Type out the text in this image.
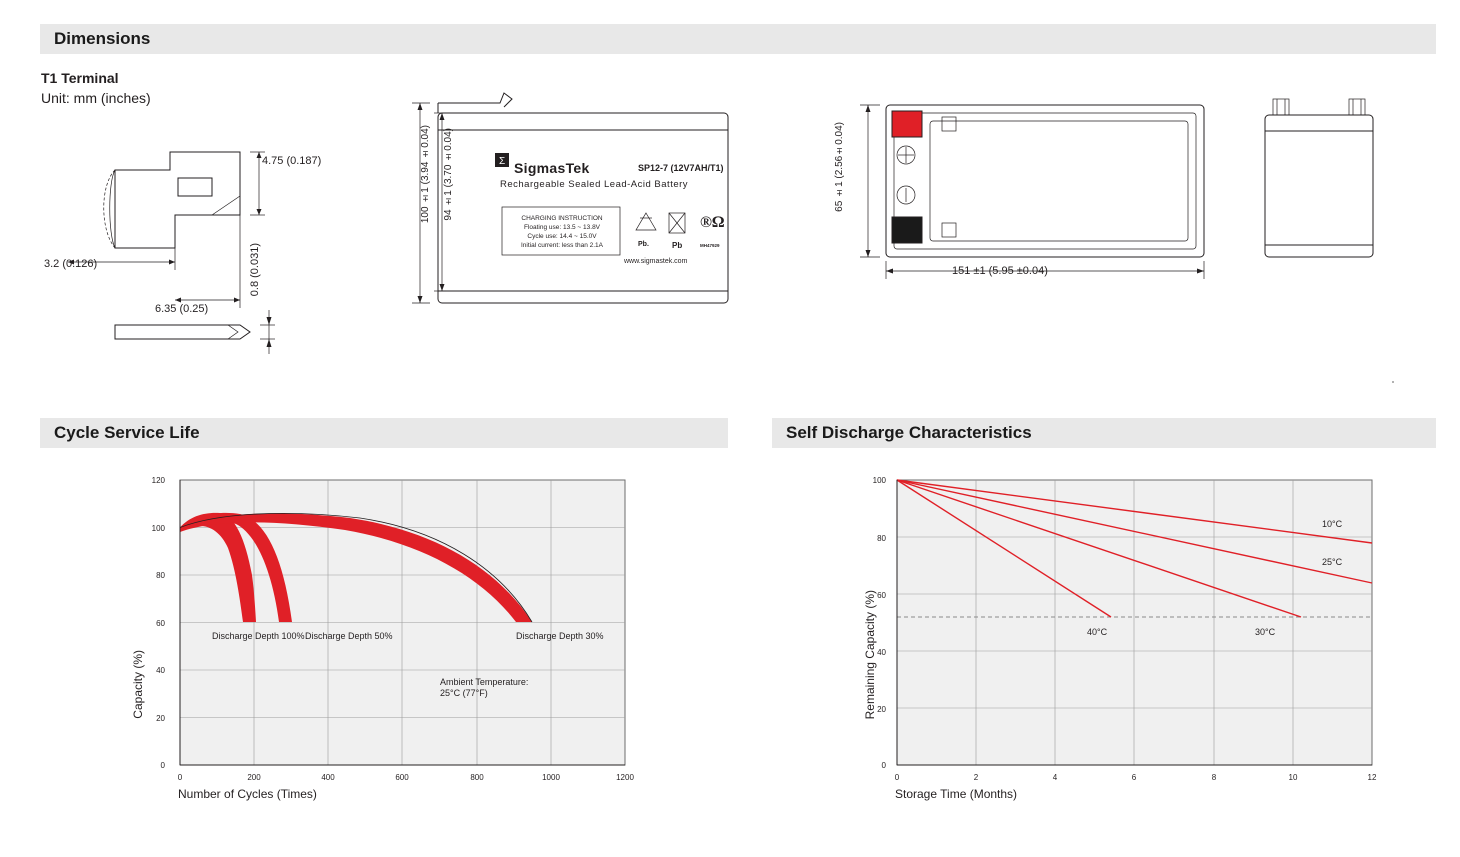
Dimensions
T1 Terminal
Unit: mm (inches)
4.75 (0.187)
3.2 (0.126)
6.35 (0.25)
0.8 (0.031)
Σ
®Ω
100 ±1 (3.94 ±0.04) 94 ±1 (3.70 ±0.04)	SigmasTek	SP12-7 (12V7AH/T1)
Rechargeable Sealed Lead-Acid Battery
CHARGING INSTRUCTION
Floating use: 13.5 ~ 13.8V
Cycle use: 14.4 ~ 15.0V
Initial current: less than 2.1A
www.sigmastek.com
Pb.	Pb	MH47929
65 ±1 (2.56±0.04)
151 ±1 (5.95 ±0.04)
Cycle Service Life
120
100
80
60
40
20
0
200	400	600	800	1000	1200
0
Discharge Depth 100% Discharge Depth 50%	Discharge Depth 30%
Ambient Temperature: 25°C (77°F)
Capacity (%)
Number of Cycles (Times)
Self Discharge Characteristics
100
80
60
40
20
0
0	2	4	6	8	10	12
10°C
25°C
30°C
40°C
Remaining Capacity (%)
Storage Time (Months)
